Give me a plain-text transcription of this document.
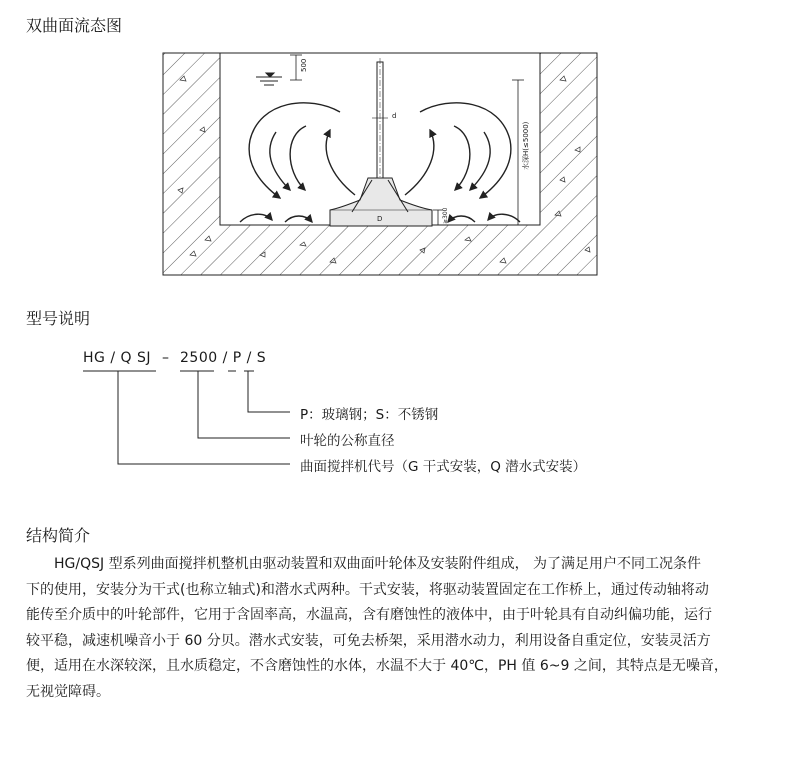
双曲面流态图
500
水深H(≤5000)
d
D	≥300
型号说明
HG / Q SJ – 2500 / P / S
P：玻璃钢；S：不锈钢
叶轮的公称直径
曲面搅拌机代号（G 干式安装，Q 潜水式安装）
结构简介
HG/QSJ 型系列曲面搅拌机整机由驱动装置和双曲面叶轮体及安装附件组成， 为了满足用户不同工况条件
下的使用，安装分为干式(也称立轴式)和潜水式两种。干式安装，将驱动装置固定在工作桥上，通过传动轴将动
能传至介质中的叶轮部件，它用于含固率高，水温高，含有磨蚀性的液体中，由于叶轮具有自动纠偏功能，运行
较平稳，减速机噪音小于 60 分贝。潜水式安装，可免去桥架，采用潜水动力，利用设备自重定位，安装灵活方
便，适用在水深较深，且水质稳定，不含磨蚀性的水体，水温不大于 40℃，PH 值 6~9 之间，其特点是无噪音，
无视觉障碍。
